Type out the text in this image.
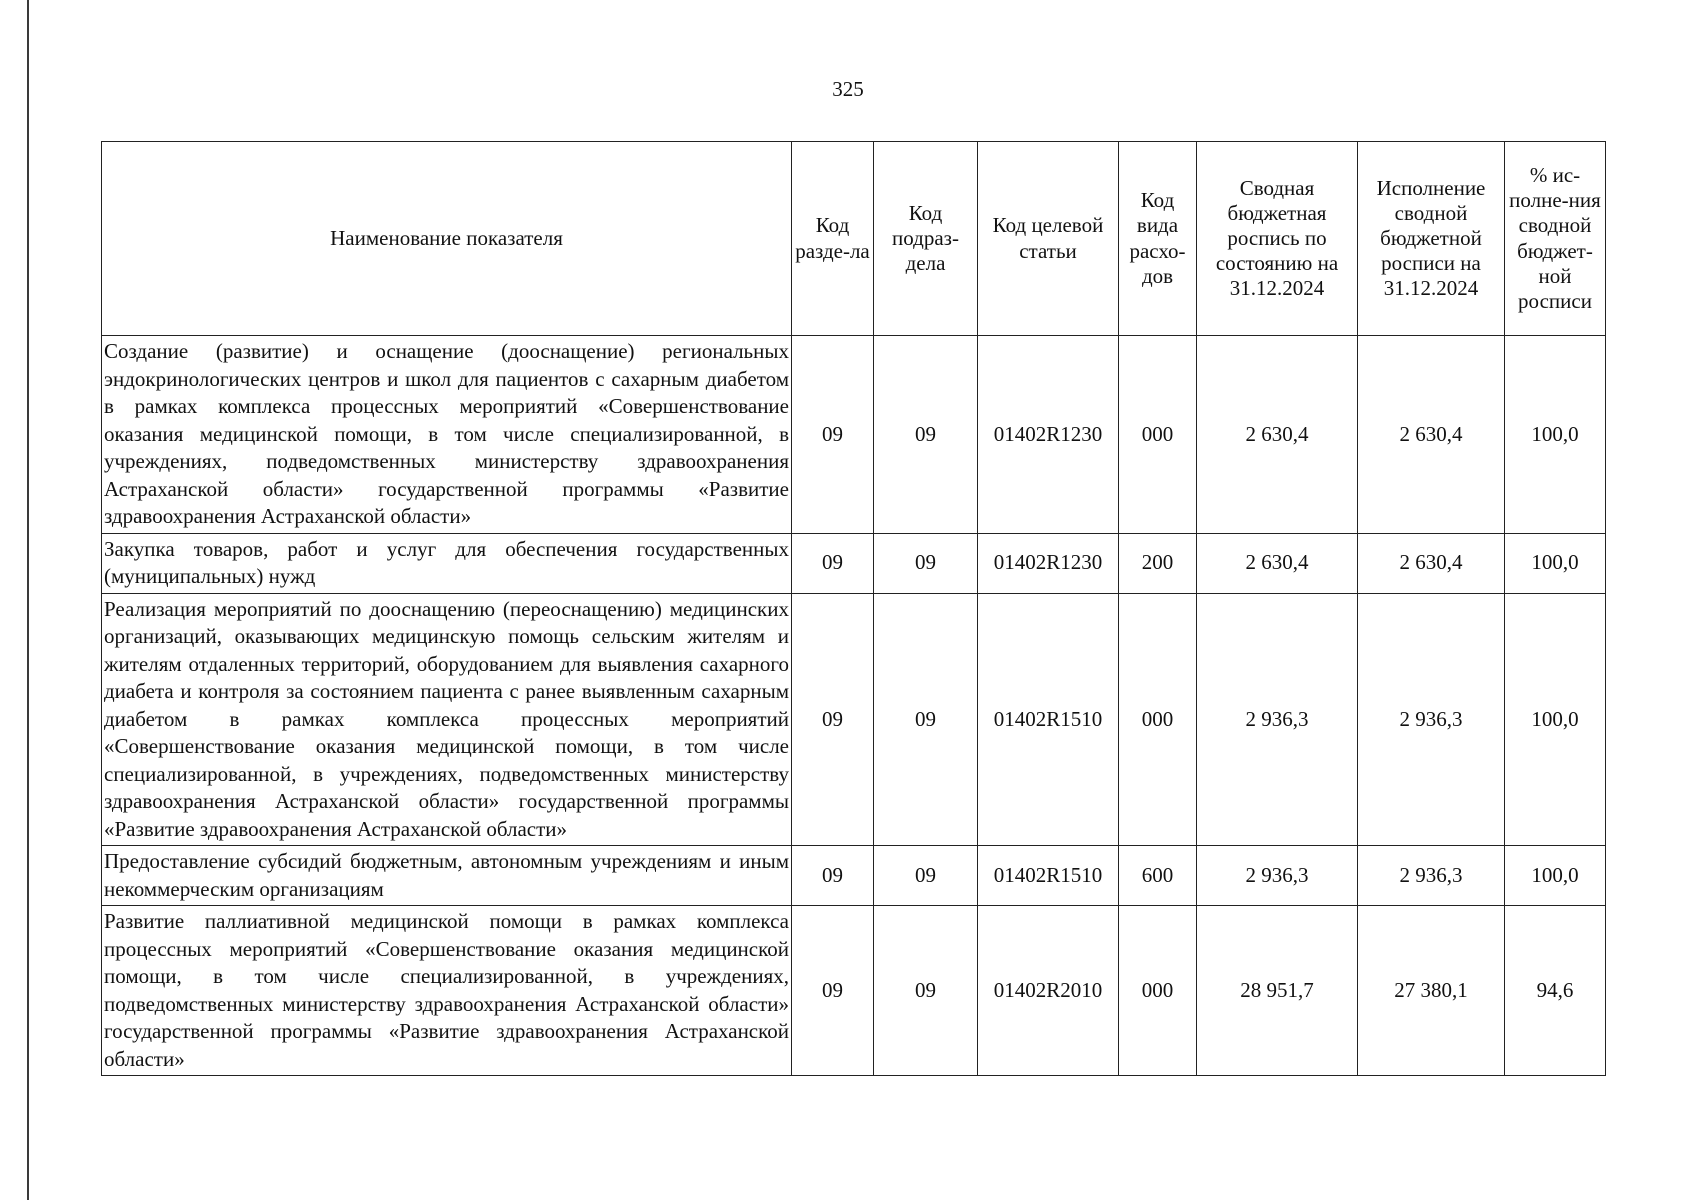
325
Наименование показателя	Код разде-ла	Код подраз-дела	Код целевой статьи	Код вида расхо-дов	Сводная бюджетная роспись по состоянию на 31.12.2024	Исполнение сводной бюджетной росписи на 31.12.2024	% ис-полне-ния сводной бюджет-ной росписи
Создание (развитие) и оснащение (дооснащение) региональных эндокринологических центров и школ для пациентов с сахарным диабетом в рамках комплекса процессных мероприятий «Совершенствование оказания медицинской помощи, в том числе специализированной, в учреждениях, подведомственных министерству здравоохранения Астраханской области» государственной программы «Развитие здравоохранения Астраханской области»	09	09	01402R1230	000	2 630,4	2 630,4	100,0
Закупка товаров, работ и услуг для обеспечения государственных (муниципальных) нужд	09	09	01402R1230	200	2 630,4	2 630,4	100,0
Реализация мероприятий по дооснащению (переоснащению) медицинских организаций, оказывающих медицинскую помощь сельским жителям и жителям отдаленных территорий, оборудованием для выявления сахарного диабета и контроля за состоянием пациента с ранее выявленным сахарным диабетом в рамках комплекса процессных мероприятий «Совершенствование оказания медицинской помощи, в том числе специализированной, в учреждениях, подведомственных министерству здравоохранения Астраханской области» государственной программы «Развитие здравоохранения Астраханской области»	09	09	01402R1510	000	2 936,3	2 936,3	100,0
Предоставление субсидий бюджетным, автономным учреждениям и иным некоммерческим организациям	09	09	01402R1510	600	2 936,3	2 936,3	100,0
Развитие паллиативной медицинской помощи в рамках комплекса процессных мероприятий «Совершенствование оказания медицинской помощи, в том числе специализированной, в учреждениях, подведомственных министерству здравоохранения Астраханской области» государственной программы «Развитие здравоохранения Астраханской области»	09	09	01402R2010	000	28 951,7	27 380,1	94,6
